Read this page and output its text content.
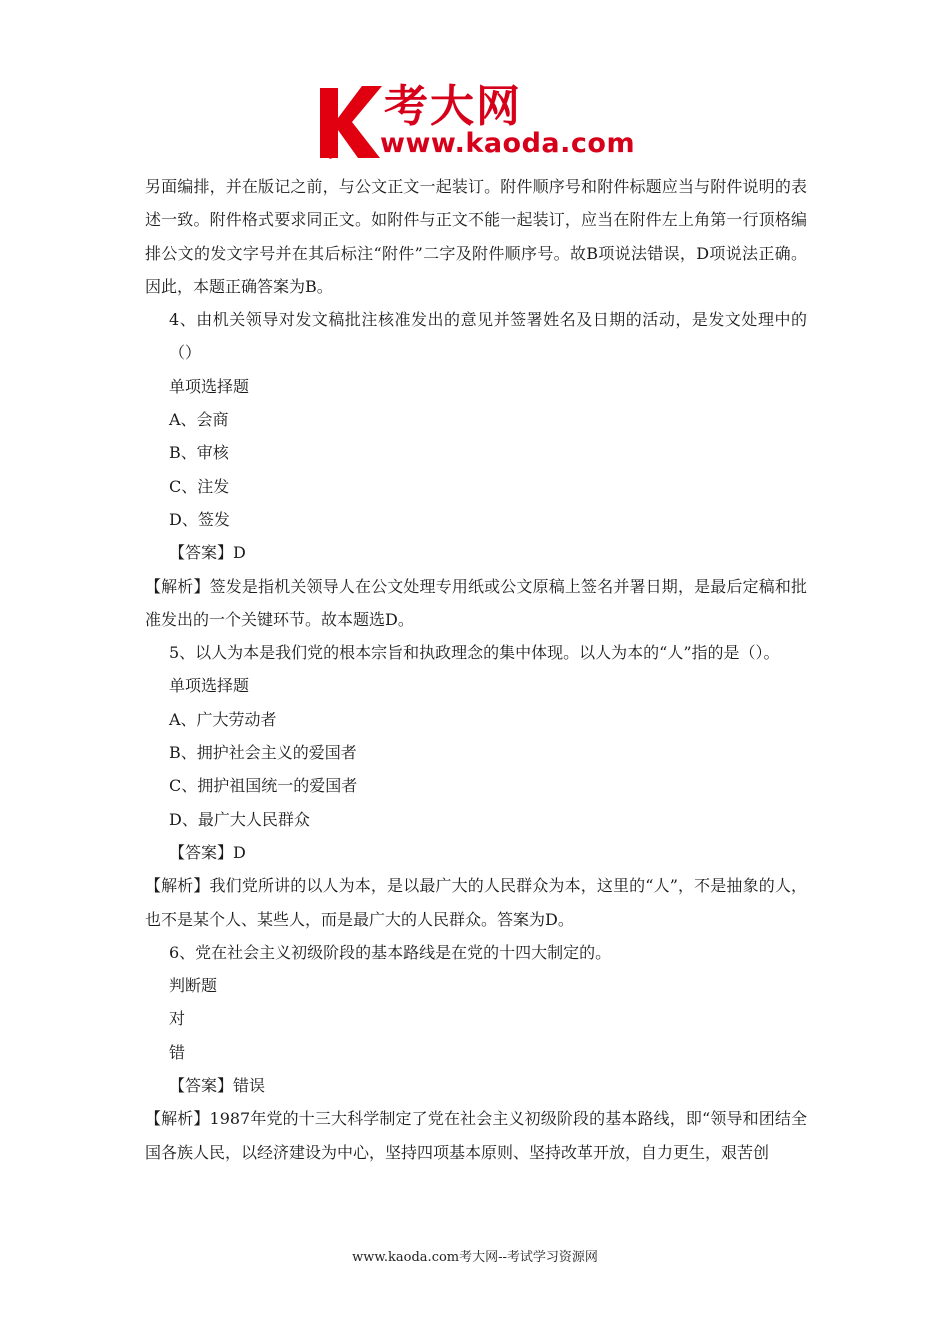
考大网
www.kaoda.com
另面编排，并在版记之前，与公文正文一起装订。附件顺序号和附件标题应当与附件说明的表述一致。附件格式要求同正文。如附件与正文不能一起装订，应当在附件左上角第一行顶格编排公文的发文字号并在其后标注“附件”二字及附件顺序号。故B项说法错误，D项说法正确。因此，本题正确答案为B。
4、由机关领导对发文稿批注核准发出的意见并签署姓名及日期的活动，是发文处理中的（）
单项选择题
A、会商
B、审核
C、注发
D、签发
【答案】D
【解析】签发是指机关领导人在公文处理专用纸或公文原稿上签名并署日期，是最后定稿和批准发出的一个关键环节。故本题选D。
5、以人为本是我们党的根本宗旨和执政理念的集中体现。以人为本的“人”指的是（）。
单项选择题
A、广大劳动者
B、拥护社会主义的爱国者
C、拥护祖国统一的爱国者
D、最广大人民群众
【答案】D
【解析】我们党所讲的以人为本，是以最广大的人民群众为本，这里的“人”，不是抽象的人，也不是某个人、某些人，而是最广大的人民群众。答案为D。
6、党在社会主义初级阶段的基本路线是在党的十四大制定的。
判断题
对
错
【答案】错误
【解析】1987年党的十三大科学制定了党在社会主义初级阶段的基本路线，即“领导和团结全国各族人民，以经济建设为中心，坚持四项基本原则、坚持改革开放，自力更生，艰苦创
www.kaoda.com考大网--考试学习资源网
